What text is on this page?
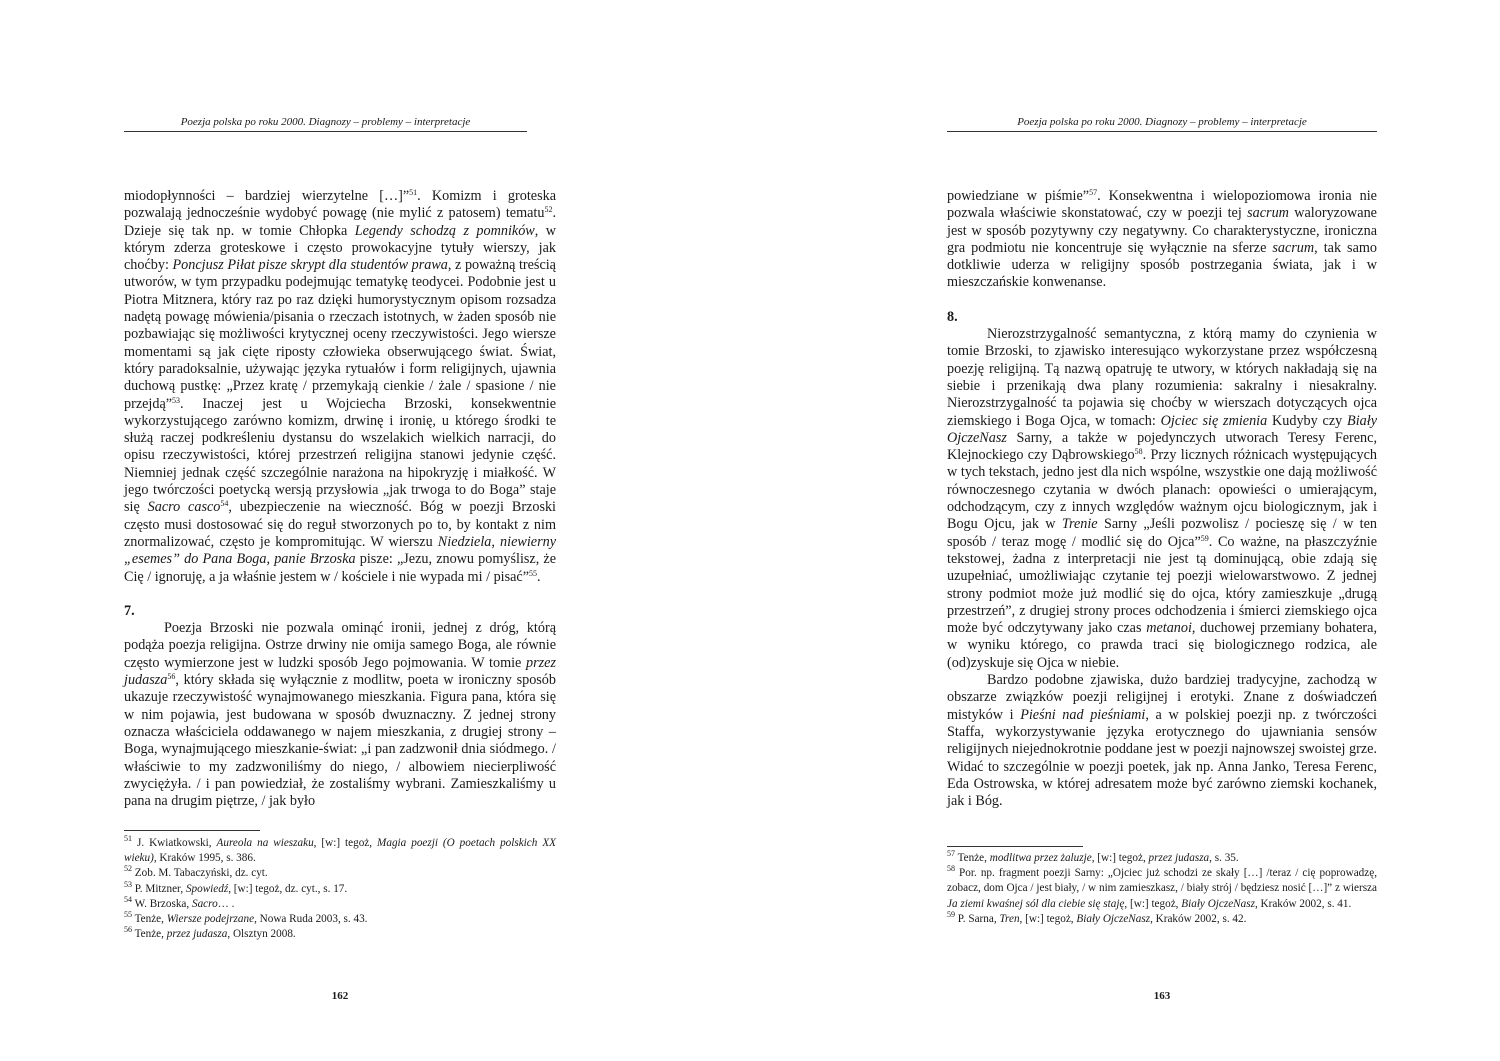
Poezja polska po roku 2000. Diagnozy – problemy – interpretacje

miodopłynności – bardziej wierzytelne […]”$^{51}$. Komizm i groteska pozwalają jednocześnie wydobyć powagę (nie mylić z patosem) tematu$^{52}$. Dzieje się tak np. w tomie Chłopka Legendy schodzą z pomników, w którym zderza groteskowe i często prowokacyjne tytuły wierszy, jak choćby: Poncjusz Piłat pisze skrypt dla studentów prawa, z poważną treścią utworów, w tym przypadku podejmując tematykę teodycei. Podobnie jest u Piotra Mitznera, który raz po raz dzięki humorystycznym opisom rozsadza nadętą powagę mówienia/pisania o rzeczach istotnych, w żaden sposób nie pozbawiając się możliwości krytycznej oceny rzeczywistości. Jego wiersze momentami są jak cięte riposty człowieka obserwującego świat. Świat, który paradoksalnie, używając języka rytuałów i form religijnych, ujawnia duchową pustkę: „Przez kratę / przemykają cienkie / żale / spasione / nie przejdą”$^{53}$. Inaczej jest u Wojciecha Brzoski, konsekwentnie wykorzystującego zarówno komizm, drwinę i ironię, u którego środki te służą raczej podkreśleniu dystansu do wszelakich wielkich narracji, do opisu rzeczywistości, której przestrzeń religijna stanowi jedynie część. Niemniej jednak część szczególnie narażona na hipokryzję i miałkość. W jego twórczości poetycką wersją przysłowia „jak trwoga to do Boga” staje się Sacro casco$^{54}$, ubezpieczenie na wieczność. Bóg w poezji Brzoski często musi dostosować się do reguł stworzonych po to, by kontakt z nim znormalizować, często je kompromitując. W wierszu Niedziela, niewierny „esemes” do Pana Boga, panie Brzoska pisze: „Jezu, znowu pomyślisz, że Cię / ignoruję, a ja właśnie jestem w / kościele i nie wypada mi / pisać”$^{55}$.

7.

Poezja Brzoski nie pozwala ominąć ironii, jednej z dróg, którą podąża poezja religijna. Ostrze drwiny nie omija samego Boga, ale równie często wymierzone jest w ludzki sposób Jego pojmowania. W tomie przez judasza$^{56}$, który składa się wyłącznie z modlitw, poeta w ironiczny sposób ukazuje rzeczywistość wynajmowanego mieszkania. Figura pana, która się w nim pojawia, jest budowana w sposób dwuznaczny. Z jednej strony oznacza właściciela oddawanego w najem mieszkania, z drugiej strony – Boga, wynajmującego mieszkanie-świat: „i pan zadzwonił dnia siódmego. / właściwie to my zadzwoniliśmy do niego, / albowiem niecierpliwość zwyciężyła. / i pan powiedział, że zostaliśmy wybrani. Zamieszkaliśmy u pana na drugim piętrze, / jak było

$^{51}$ J. Kwiatkowski, Aureola na wieszaku, [w:] tegoż, Magia poezji (O poetach polskich XX wieku), Kraków 1995, s. 386.

$^{52}$ Zob. M. Tabaczyński, dz. cyt.

$^{53}$ P. Mitzner, Spowiedź, [w:] tegoż, dz. cyt., s. 17.

$^{54}$ W. Brzoska, Sacro… .

$^{55}$ Tenże, Wiersze podejrzane, Nowa Ruda 2003, s. 43.

$^{56}$ Tenże, przez judasza, Olsztyn 2008.

162
Poezja polska po roku 2000. Diagnozy – problemy – interpretacje

powiedziane w piśmie”$^{57}$. Konsekwentna i wielopoziomowa ironia nie pozwala właściwie skonstatować, czy w poezji tej sacrum waloryzowane jest w sposób pozytywny czy negatywny. Co charakterystyczne, ironiczna gra podmiotu nie koncentruje się wyłącznie na sferze sacrum, tak samo dotkliwie uderza w religijny sposób postrzegania świata, jak i w mieszczańskie konwenanse.

8.

Nierozstrzygalność semantyczna, z którą mamy do czynienia w tomie Brzoski, to zjawisko interesująco wykorzystane przez współczesną poezję religijną. Tą nazwą opatruję te utwory, w których nakładają się na siebie i przenikają dwa plany rozumienia: sakralny i niesakralny. Nierozstrzygalność ta pojawia się choćby w wierszach dotyczących ojca ziemskiego i Boga Ojca, w tomach: Ojciec się zmienia Kudyby czy Biały OjczeNasz Sarny, a także w pojedynczych utworach Teresy Ferenc, Klejnockiego czy Dąbrowskiego$^{58}$. Przy licznych różnicach występujących w tych tekstach, jedno jest dla nich wspólne, wszystkie one dają możliwość równoczesnego czytania w dwóch planach: opowieści o umierającym, odchodzącym, czy z innych względów ważnym ojcu biologicznym, jak i Bogu Ojcu, jak w Trenie Sarny „Jeśli pozwolisz / pocieszę się / w ten sposób / teraz mogę / modlić się do Ojca”$^{59}$. Co ważne, na płaszczyźnie tekstowej, żadna z interpretacji nie jest tą dominującą, obie zdają się uzupełniać, umożliwiając czytanie tej poezji wielowarstwowo. Z jednej strony podmiot może już modlić się do ojca, który zamieszkuje „drugą przestrzeń”, z drugiej strony proces odchodzenia i śmierci ziemskiego ojca może być odczytywany jako czas metanoi, duchowej przemiany bohatera, w wyniku którego, co prawda traci się biologicznego rodzica, ale (od)zyskuje się Ojca w niebie.

Bardzo podobne zjawiska, dużo bardziej tradycyjne, zachodzą w obszarze związków poezji religijnej i erotyki. Znane z doświadczeń mistyków i Pieśni nad pieśniami, a w polskiej poezji np. z twórczości Staffa, wykorzystywanie języka erotycznego do ujawniania sensów religijnych niejednokrotnie poddane jest w poezji najnowszej swoistej grze. Widać to szczególnie w poezji poetek, jak np. Anna Janko, Teresa Ferenc, Eda Ostrowska, w której adresatem może być zarówno ziemski kochanek, jak i Bóg.

$^{57}$ Tenże, modlitwa przez żaluzje, [w:] tegoż, przez judasza, s. 35.

$^{58}$ Por. np. fragment poezji Sarny: „Ojciec już schodzi ze skały […] /teraz / cię poprowadzę, zobacz, dom Ojca / jest biały, / w nim zamieszkasz, / biały strój / będziesz nosić […]” z wiersza Ja ziemi kwaśnej sól dla ciebie się staję, [w:] tegoż, Biały OjczeNasz, Kraków 2002, s. 41.

$^{59}$ P. Sarna, Tren, [w:] tegoż, Biały OjczeNasz, Kraków 2002, s. 42.

163
